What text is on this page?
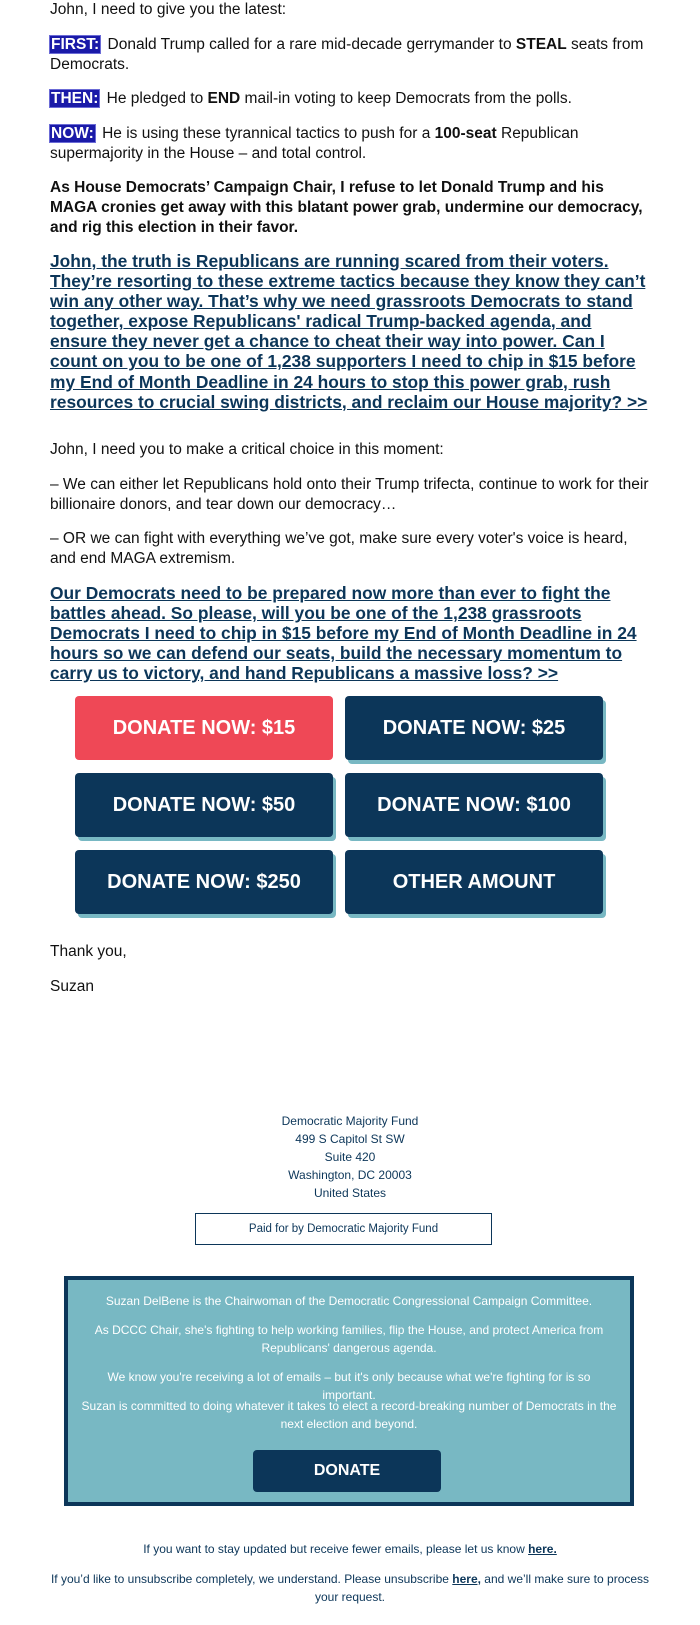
John, I need to give you the latest:

FIRST: Donald Trump called for a rare mid-decade gerrymander to STEAL seats from Democrats.

THEN: He pledged to END mail-in voting to keep Democrats from the polls.

NOW: He is using these tyrannical tactics to push for a 100-seat Republican supermajority in the House – and total control.

As House Democrats’ Campaign Chair, I refuse to let Donald Trump and his MAGA cronies get away with this blatant power grab, undermine our democracy, and rig this election in their favor.

John, the truth is Republicans are running scared from their voters. They’re resorting to these extreme tactics because they know they can’t win any other way. That’s why we need grassroots Democrats to stand together, expose Republicans' radical Trump-backed agenda, and ensure they never get a chance to cheat their way into power. Can I count on you to be one of 1,238 supporters I need to chip in $15 before my End of Month Deadline in 24 hours to stop this power grab, rush resources to crucial swing districts, and reclaim our House majority? >>

John, I need you to make a critical choice in this moment:

– We can either let Republicans hold onto their Trump trifecta, continue to work for their billionaire donors, and tear down our democracy…

– OR we can fight with everything we’ve got, make sure every voter's voice is heard, and end MAGA extremism.

Our Democrats need to be prepared now more than ever to fight the battles ahead. So please, will you be one of the 1,238 grassroots Democrats I need to chip in $15 before my End of Month Deadline in 24 hours so we can defend our seats, build the necessary momentum to carry us to victory, and hand Republicans a massive loss? >>

DONATE NOW: $15	DONATE NOW: $25
DONATE NOW: $50	DONATE NOW: $100
DONATE NOW: $250	OTHER AMOUNT

Thank you,

Suzan

Democratic Majority Fund
499 S Capitol St SW
Suite 420
Washington, DC 20003
United States
Paid for by Democratic Majority Fund

Suzan DelBene is the Chairwoman of the Democratic Congressional Campaign Committee.

As DCCC Chair, she's fighting to help working families, flip the House, and protect America from Republicans' dangerous agenda.

We know you're receiving a lot of emails – but it's only because what we're fighting for is so important.

Suzan is committed to doing whatever it takes to elect a record-breaking number of Democrats in the next election and beyond.

DONATE

If you want to stay updated but receive fewer emails, please let us know here.

If you’d like to unsubscribe completely, we understand. Please unsubscribe here, and we’ll make sure to process your request.
